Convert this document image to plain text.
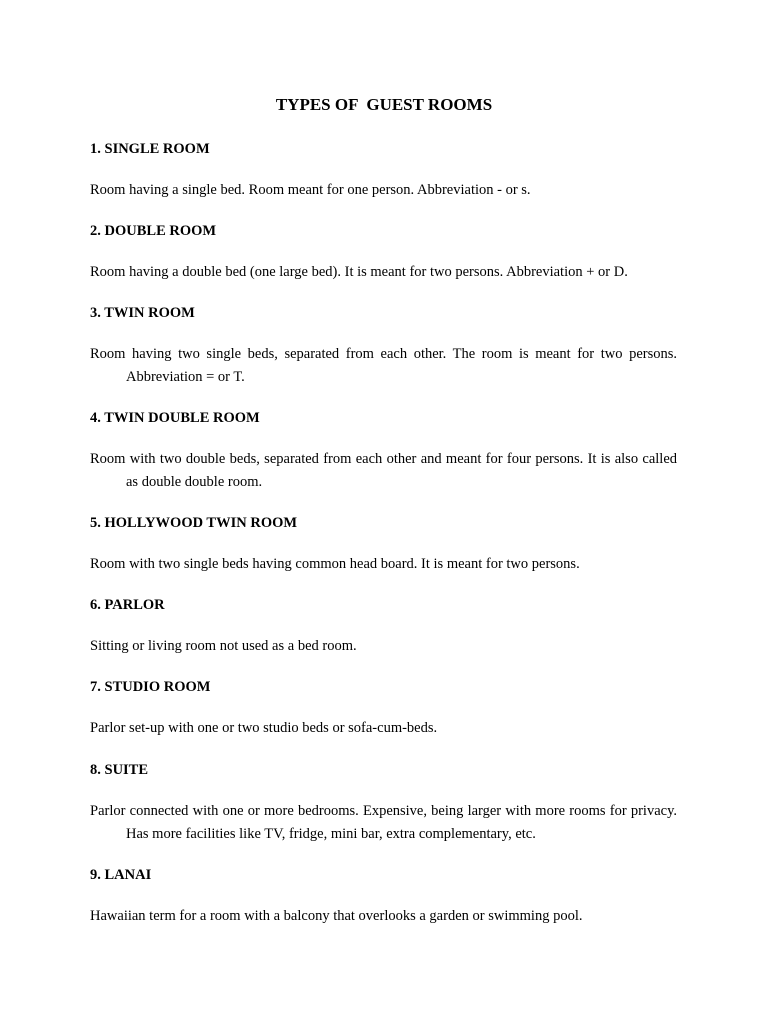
TYPES OF  GUEST ROOMS
1. SINGLE ROOM
Room having a single bed. Room meant for one person. Abbreviation - or s.
2. DOUBLE ROOM
Room having a double bed (one large bed). It is meant for two persons. Abbreviation + or D.
3. TWIN ROOM
Room having two single beds, separated from each other. The room is meant for two persons. Abbreviation = or T.
4. TWIN DOUBLE ROOM
Room with two double beds, separated from each other and meant for four persons. It is also called as double double room.
5. HOLLYWOOD TWIN ROOM
Room with two single beds having common head board. It is meant for two persons.
6. PARLOR
Sitting or living room not used as a bed room.
7. STUDIO ROOM
Parlor set-up with one or two studio beds or sofa-cum-beds.
8. SUITE
Parlor connected with one or more bedrooms. Expensive, being larger with more rooms for privacy. Has more facilities like TV, fridge, mini bar, extra complementary, etc.
9. LANAI
Hawaiian term for a room with a balcony that overlooks a garden or swimming pool.
